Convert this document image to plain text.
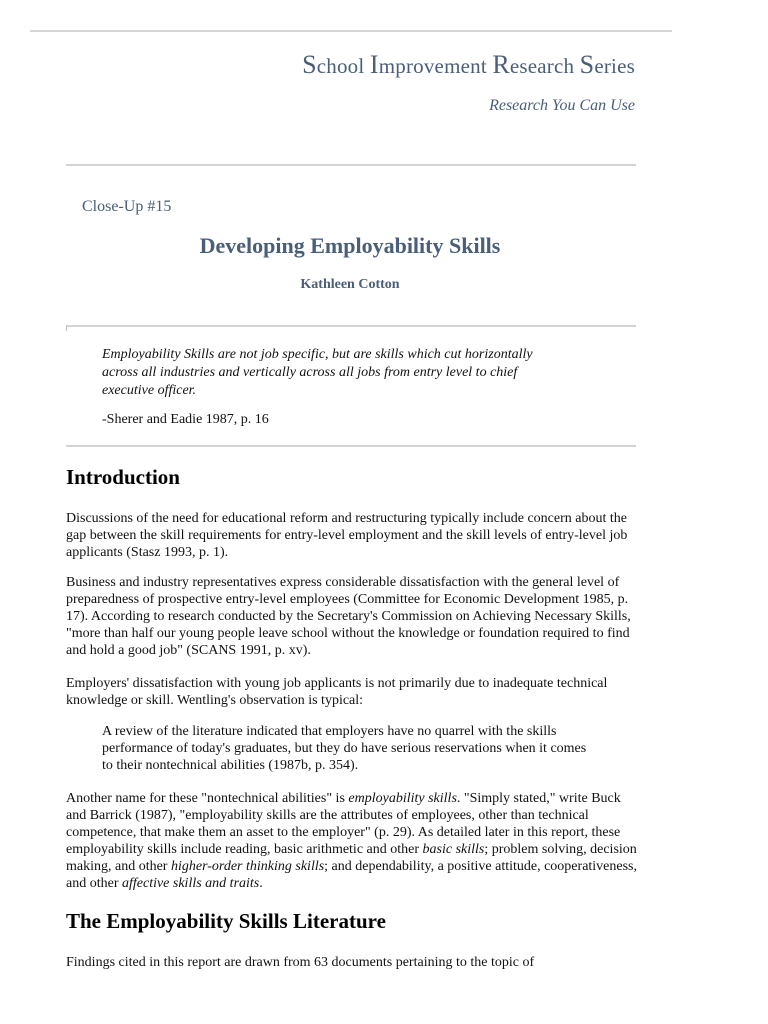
School Improvement Research Series
Research You Can Use
Close-Up #15
Developing Employability Skills
Kathleen Cotton
Employability Skills are not job specific, but are skills which cut horizontally across all industries and vertically across all jobs from entry level to chief executive officer.
-Sherer and Eadie 1987, p. 16
Introduction

Discussions of the need for educational reform and restructuring typically include concern about the gap between the skill requirements for entry-level employment and the skill levels of entry-level job applicants (Stasz 1993, p. 1).

Business and industry representatives express considerable dissatisfaction with the general level of preparedness of prospective entry-level employees (Committee for Economic Development 1985, p. 17). According to research conducted by the Secretary's Commission on Achieving Necessary Skills, "more than half our young people leave school without the knowledge or foundation required to find and hold a good job" (SCANS 1991, p. xv).

Employers' dissatisfaction with young job applicants is not primarily due to inadequate technical knowledge or skill. Wentling's observation is typical:

A review of the literature indicated that employers have no quarrel with the skills performance of today's graduates, but they do have serious reservations when it comes to their nontechnical abilities (1987b, p. 354).

Another name for these "nontechnical abilities" is employability skills. "Simply stated," write Buck and Barrick (1987), "employability skills are the attributes of employees, other than technical competence, that make them an asset to the employer" (p. 29). As detailed later in this report, these employability skills include reading, basic arithmetic and other basic skills; problem solving, decision making, and other higher-order thinking skills; and dependability, a positive attitude, cooperativeness, and other affective skills and traits.

The Employability Skills Literature

Findings cited in this report are drawn from 63 documents pertaining to the topic of
